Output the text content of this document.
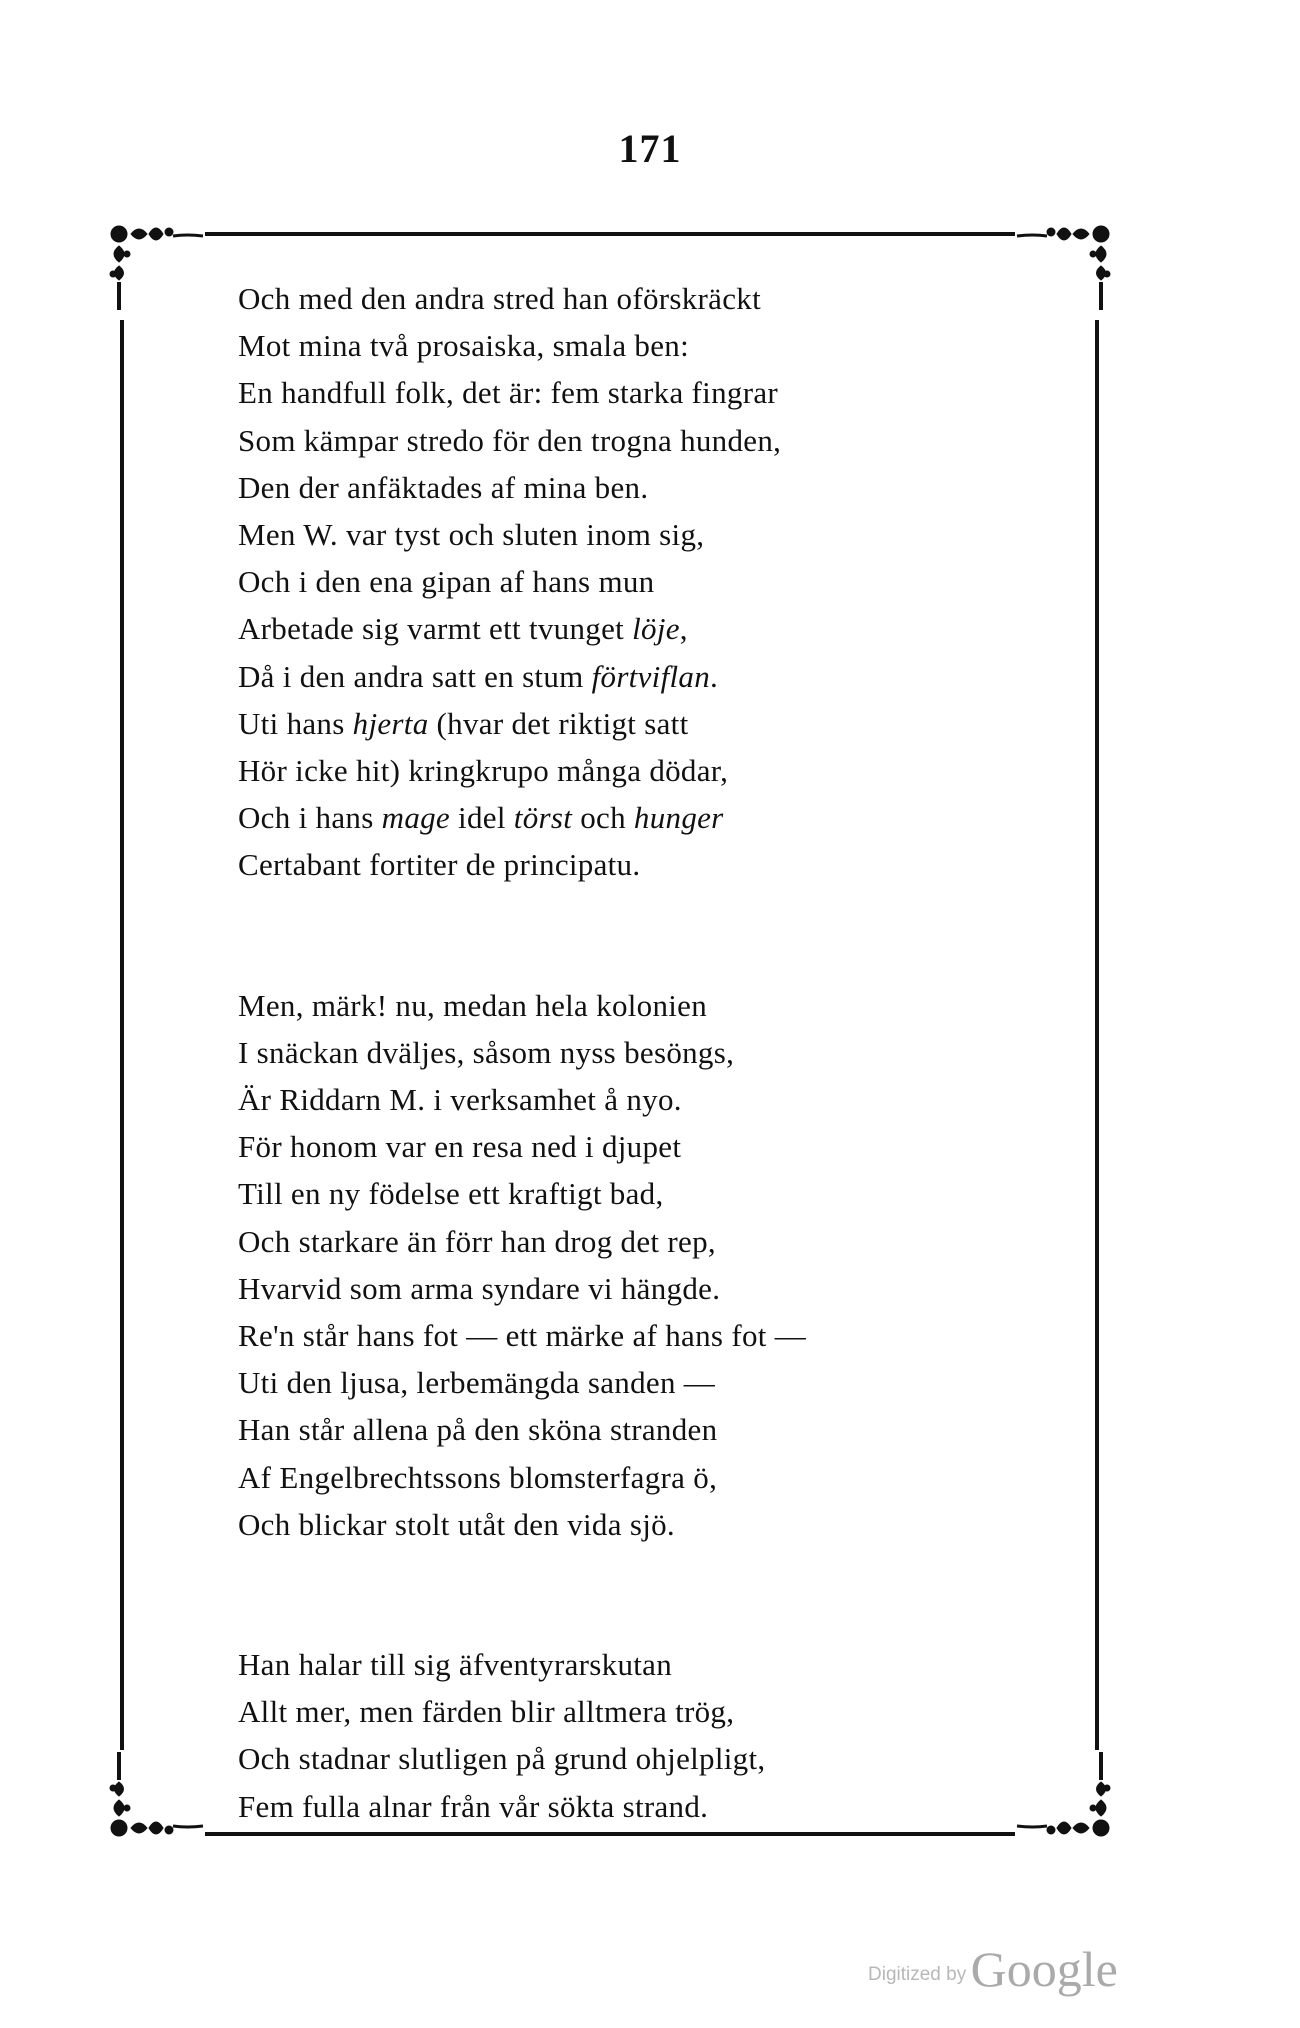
171
Och med den andra stred han oförskräckt
Mot mina två prosaiska, smala ben:
En handfull folk, det är: fem starka fingrar
Som kämpar stredo för den trogna hunden,
Den der anfäktades af mina ben.
Men W. var tyst och sluten inom sig,
Och i den ena gipan af hans mun
Arbetade sig varmt ett tvunget löje,
Då i den andra satt en stum förtviflan.
Uti hans hjerta (hvar det riktigt satt
Hör icke hit) kringkrupo många dödar,
Och i hans mage idel törst och hunger
Certabant fortiter de principatu.
Men, märk! nu, medan hela kolonien
I snäckan dväljes, såsom nyss besöngs,
Är Riddarn M. i verksamhet å nyo.
För honom var en resa ned i djupet
Till en ny födelse ett kraftigt bad,
Och starkare än förr han drog det rep,
Hvarvid som arma syndare vi hängde.
Re'n står hans fot — ett märke af hans fot —
Uti den ljusa, lerbemängda sanden —
Han står allena på den sköna stranden
Af Engelbrechtssons blomsterfagra ö,
Och blickar stolt utåt den vida sjö.
Han halar till sig äfventyrarskutan
Allt mer, men färden blir alltmera trög,
Och stadnar slutligen på grund ohjelpligt,
Fem fulla alnar från vår sökta strand.
Digitized by Google
